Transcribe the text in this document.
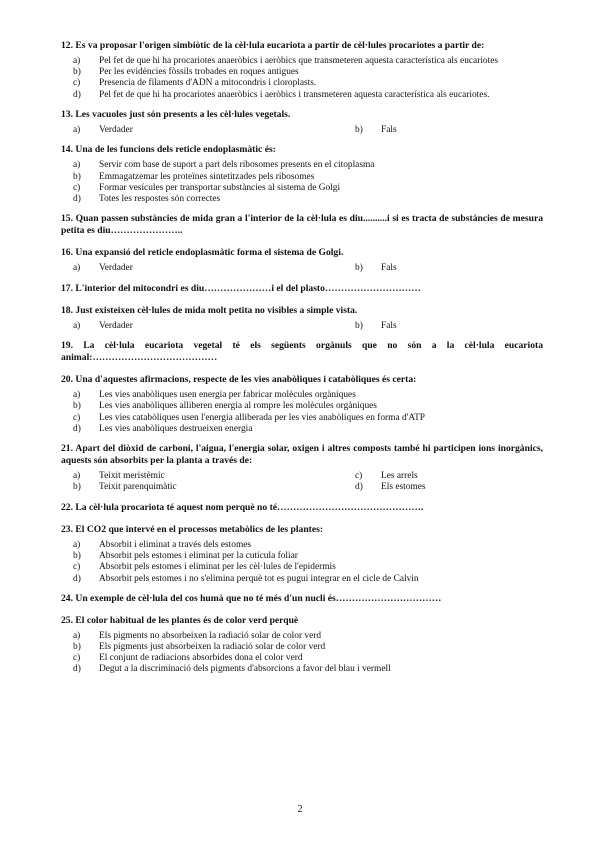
12. Es va proposar l'origen simbiòtic de la cèl·lula eucariota a partir de cèl·lules procariotes a partir de:

a)	Pel fet de que hi ha procariotes anaeròbics i aeròbics que transmeteren aquesta característica als eucariotes
b)	Per les evidències fòssils trobades en roques antigues
c)	Presencia de filaments d'ADN a mitocondris i cloroplasts.
d)	Pel fet de que hi ha procariotes anaeròbics i aeròbics i transmeteren aquesta característica als eucariotes.

13. Les vacuoles just són presents a les cèl·lules vegetals.

a)	Verdader	b)	Fals

14. Una de les funcions dels reticle endoplasmàtic és:

a)	Servir com base de suport a part dels ribosomes presents en el citoplasma
b)	Emmagatzemar les proteïnes sintetitzades pels ribosomes
c)	Formar vesícules per transportar substàncies al sistema de Golgi
d)	Totes les respostes són correctes

15. Quan passen substàncies de mida gran a l'interior de la cèl·lula es diu..........i si es tracta de substàncies de mesura petita es diu…………………..

16. Una expansió del reticle endoplasmàtic forma el sistema de Golgi.

a)	Verdader	b)	Fals

17. L'interior del mitocondri es diu…………………i el del plasto…………………………

18. Just existeixen cèl·lules de mida molt petita no visibles a simple vista.

a)	Verdader	b)	Fals

19. La cèl·lula eucariota vegetal té els següents orgànuls que no són a la cèl·lula eucariota animal:…………………………………

20. Una d'aquestes afirmacions, respecte de les vies anabòliques i catabòliques és certa:

a)	Les vies anabòliques usen energia per fabricar molècules orgàniques
b)	Les vies anabòliques alliberen energia al rompre les molècules orgàniques
c)	Les vies catabòliques usen l'energia alliberada per les vies anabòliques en forma d'ATP
d)	Les vies anabòliques destrueixen energia

21. Apart del diòxid de carboni, l'aigua, l'energia solar, oxigen i altres composts també hi participen ions inorgànics, aquests són absorbits per la planta a través de:

a)	Teixit meristèmic	c)	Les arrels
b)	Teixit parenquimàtic	d)	Els estomes

22. La cèl·lula procariota té aquest nom perquè no té……………………………………….

23. El CO2 que intervé en el processos metabòlics de les plantes:

a)	Absorbit i eliminat a través dels estomes
b)	Absorbit pels estomes i eliminat per la cutícula foliar
c)	Absorbit pels estomes i eliminat per les cèl·lules de l'epidermis
d)	Absorbit pels estomes i no s'elimina perquè tot es pugui integrar en el cicle de Calvin

24. Un exemple de cèl·lula del cos humà que no té més d'un nucli és……………………………

25. El color habitual de les plantes és de color verd perquè

a)	Els pigments no absorbeixen la radiació solar de color verd
b)	Els pigments just absorbeixen la radiació solar de color verd
c)	El conjunt de radiacions absorbides dona el color verd
d)	Degut a la discriminació dels pigments d'absorcions a favor del blau i vermell
2
